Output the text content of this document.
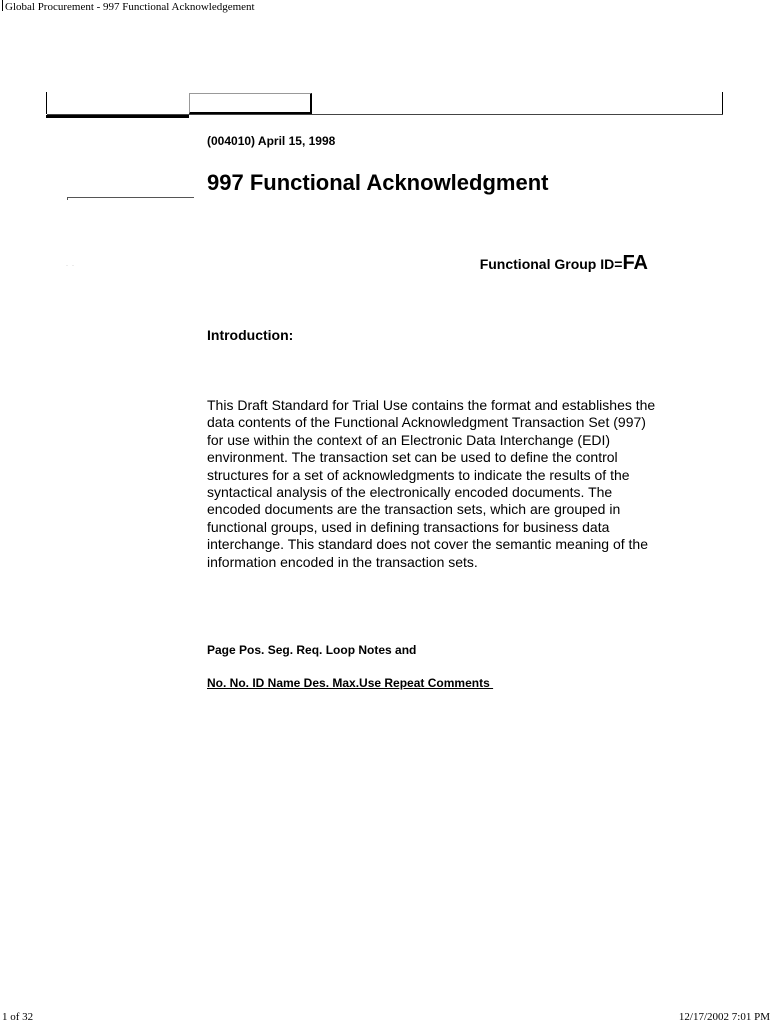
Global Procurement - 997 Functional Acknowledgement
··
(004010) April 15, 1998
997 Functional Acknowledgment
Functional Group ID=FA
Introduction:
This Draft Standard for Trial Use contains the format and establishes the data contents of the Functional Acknowledgment Transaction Set (997) for use within the context of an Electronic Data Interchange (EDI) environment. The transaction set can be used to define the control structures for a set of acknowledgments to indicate the results of the syntactical analysis of the electronically encoded documents. The encoded documents are the transaction sets, which are grouped in functional groups, used in defining transactions for business data interchange. This standard does not cover the semantic meaning of the information encoded in the transaction sets.
Page Pos. Seg. Req. Loop Notes and
No. No. ID Name Des. Max.Use Repeat Comments
1 of 32	12/17/2002 7:01 PM
